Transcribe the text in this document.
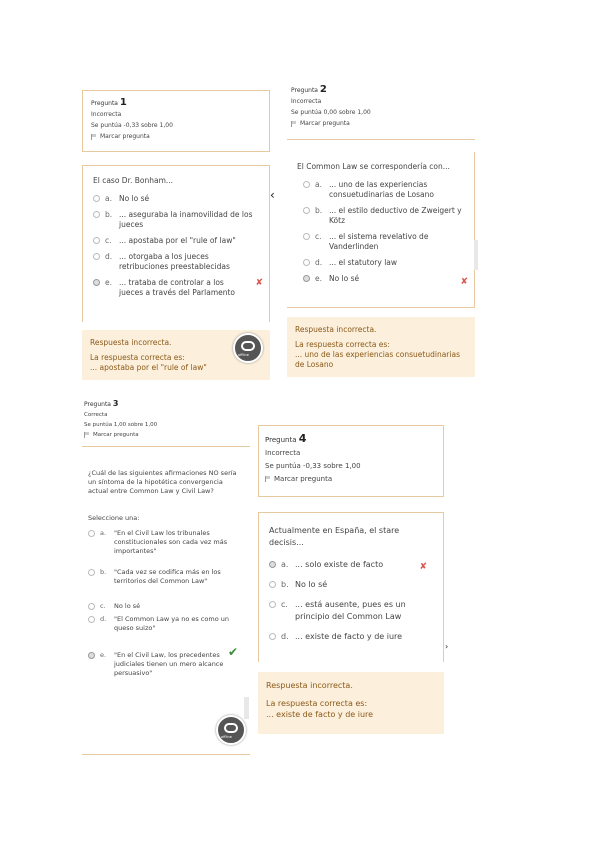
Pregunta 1
Incorrecta
Se puntúa -0,33 sobre 1,00
Marcar pregunta
El caso Dr. Bonham...
a. No lo sé
b. ... aseguraba la inamovilidad de los jueces
c. ... apostaba por el "rule of law"
d. ... otorgaba a los jueces retribuciones preestablecidas
e. ... trataba de controlar a los jueces a través del Parlamento
✘

Respuesta incorrecta.

La respuesta correcta es:

... apostaba por el "rule of law"

offline
‹
Pregunta 2
Incorrecta
Se puntúa 0,00 sobre 1,00
Marcar pregunta
El Common Law se correspondería con...
a. ... uno de las experiencias consuetudinarias de Losano
b. ... el estilo deductivo de Zweigert y Kötz
c. ... el sistema revelativo de Vanderlinden
d. ... el statutory law
e. No lo sé	✘

Respuesta incorrecta.

La respuesta correcta es:

... uno de las experiencias consuetudinarias de Losano

Pregunta 3
Correcta
Se puntúa 1,00 sobre 1,00
Marcar pregunta
¿Cuál de las siguientes afirmaciones NO sería un síntoma de la hipotética convergencia actual entre Common Law y Civil Law?
Seleccione una:
a.	"En el Civil Law los tribunales constitucionales son cada vez más importantes"
b.	"Cada vez se codifica más en los territorios del Common Law"
c.	No lo sé
d.	"El Common Law ya no es como un queso suizo"
e.	"En el Civil Law, los precedentes judiciales tienen un mero alcance persuasivo"
✔
offline
Pregunta 4
Incorrecta
Se puntúa -0,33 sobre 1,00
Marcar pregunta
Actualmente en España, el stare decisis...
a. ... solo existe de facto	✘
b. No lo sé
c. ... está ausente, pues es un principio del Common Law
d. ... existe de facto y de iure

Respuesta incorrecta.

La respuesta correcta es:

... existe de facto y de iure

›
